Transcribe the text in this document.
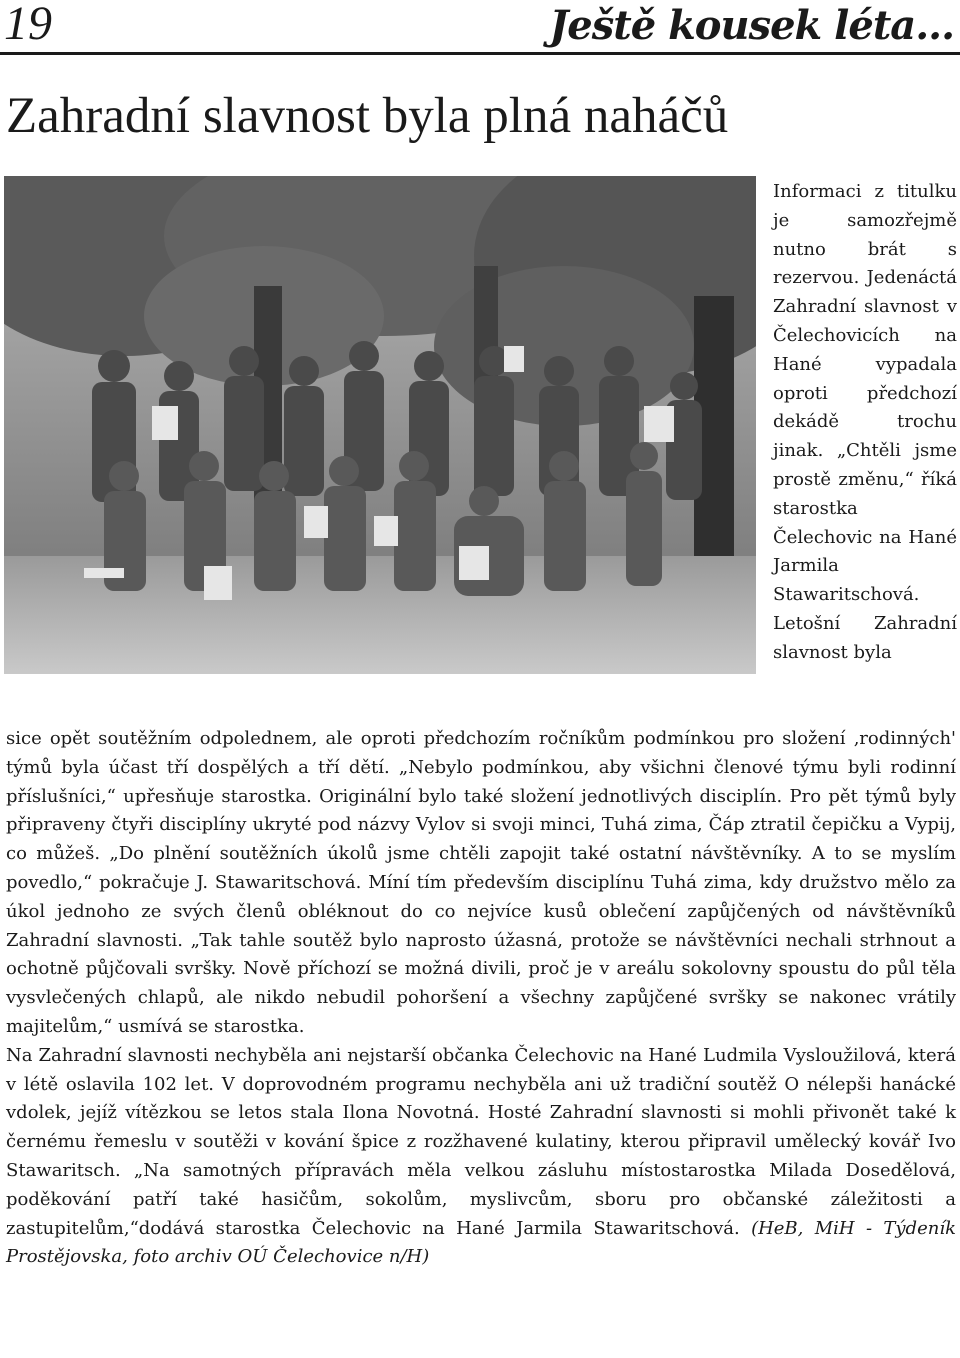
19	Ještě kousek léta...
Zahradní slavnost byla plná naháčů
Informaci z titulku je samozřejmě nutno brát s rezervou. Jedenáctá Zahradní slavnost v Čelechovicích na Hané vypadala oproti předchozí dekádě trochu jinak. „Chtěli jsme prostě změnu,“ říká starostka Čelechovic na Hané Jarmila Stawaritschová. Letošní Zahradní slavnost byla

sice opět soutěžním odpolednem, ale oproti předchozím ročníkům podmínkou pro složení ‚rodinných' týmů byla účast tří dospělých a tří dětí. „Nebylo podmínkou, aby všichni členové týmu byli rodinní příslušníci,“ upřesňuje starostka. Originální bylo také složení jednotlivých disciplín. Pro pět týmů byly připraveny čtyři disciplíny ukryté pod názvy Vylov si svoji minci, Tuhá zima, Čáp ztratil čepičku a Vypij, co můžeš. „Do plnění soutěžních úkolů jsme chtěli zapojit také ostatní návštěvníky. A to se myslím povedlo,“ pokračuje J. Stawaritschová. Míní tím především disciplínu Tuhá zima, kdy družstvo mělo za úkol jednoho ze svých členů obléknout do co nejvíce kusů oblečení zapůjčených od návštěvníků Zahradní slavnosti. „Tak tahle soutěž bylo naprosto úžasná, protože se návštěvníci nechali strhnout a ochotně půjčovali svršky. Nově příchozí se možná divili, proč je v areálu sokolovny spoustu do půl těla vysvlečených chlapů, ale nikdo nebudil pohoršení a všechny zapůjčené svršky se nakonec vrátily majitelům,“ usmívá se starostka.

Na Zahradní slavnosti nechyběla ani nejstarší občanka Čelechovic na Hané Ludmila Vysloužilová, která v létě oslavila 102 let. V doprovodném programu nechyběla ani už tradiční soutěž O nélepši hanácké vdolek, jejíž vítězkou se letos stala Ilona Novotná. Hosté Zahradní slavnosti si mohli přivonět také k černému řemeslu v soutěži v kování špice z rozžhavené kulatiny, kterou připravil umělecký kovář Ivo Stawaritsch. „Na samotných přípravách měla velkou zásluhu místostarostka Milada Dosedělová, poděkování patří také hasičům, sokolům, myslivcům, sboru pro občanské záležitosti a zastupitelům,“dodává starostka Čelechovic na Hané Jarmila Stawaritschová. (HeB, MiH - Týdeník Prostějovska, foto archiv OÚ Čelechovice n/H)
